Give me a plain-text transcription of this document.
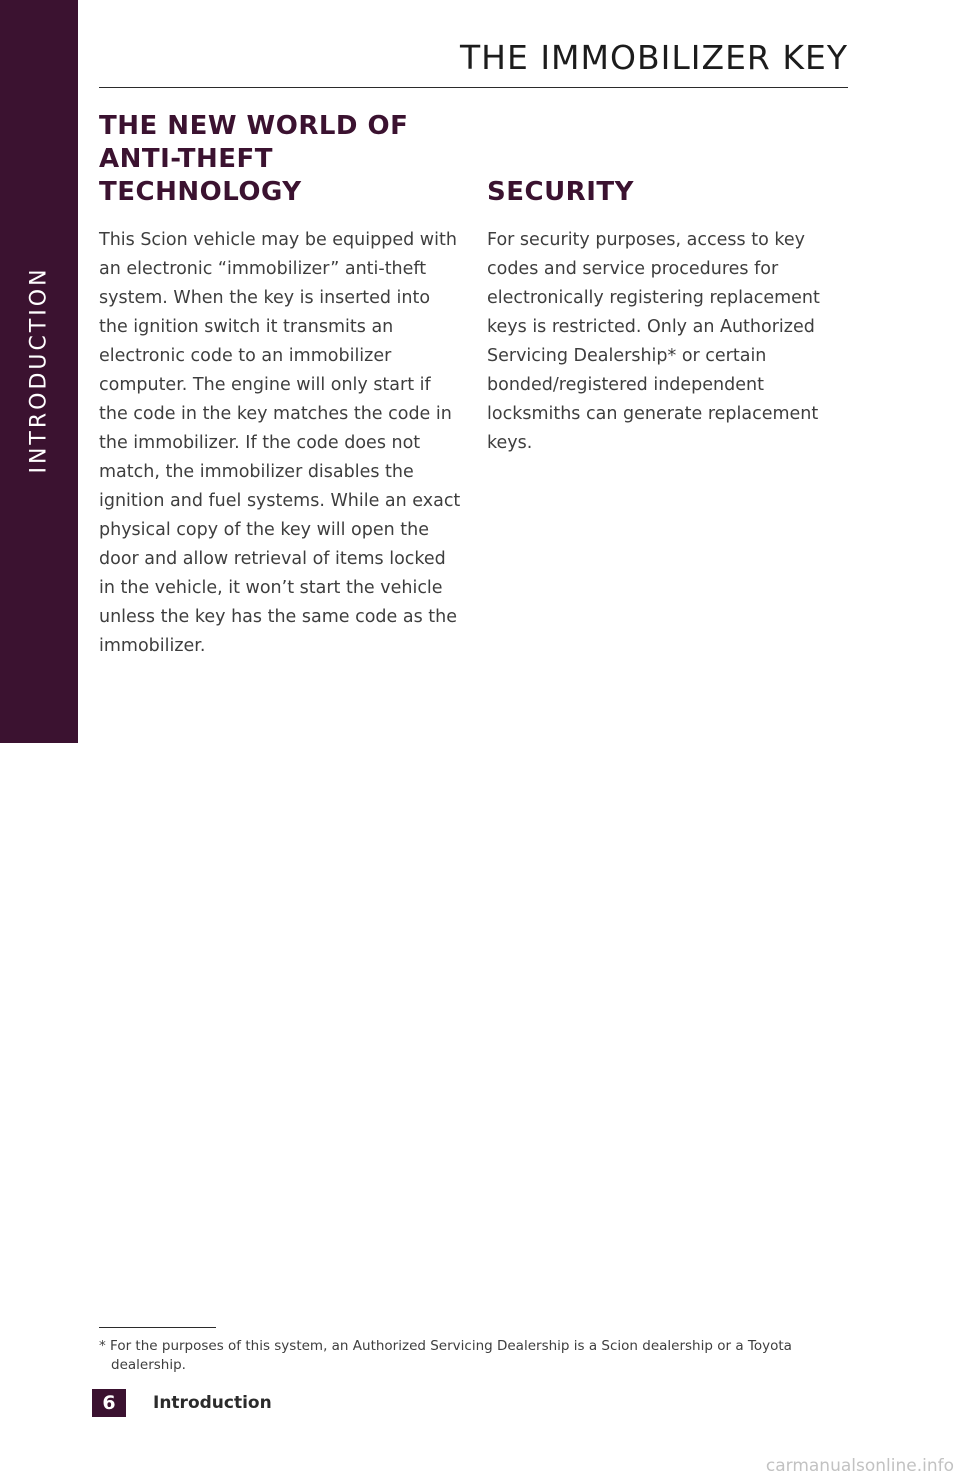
INTRODUCTION
THE IMMOBILIZER KEY
THE NEW WORLD OF ANTI-THEFT TECHNOLOGY

This Scion vehicle may be equipped with an electronic “immobilizer” anti-theft system. When the key is inserted into the ignition switch it transmits an electronic code to an immobilizer computer. The engine will only start if the code in the key matches the code in the immobilizer. If the code does not match, the immobilizer disables the ignition and fuel systems. While an exact physical copy of the key will open the door and allow retrieval of items locked in the vehicle, it won’t start the vehicle unless the key has the same code as the immobilizer.

SECURITY

For security purposes, access to key codes and service procedures for electronically registering replacement keys is restricted. Only an Authorized Servicing Dealership* or certain bonded/registered independent locksmiths can generate replacement keys.

* For the purposes of this system, an Authorized Servicing Dealership is a Scion dealership or a Toyota dealership.

6	Introduction
carmanualsonline.info
